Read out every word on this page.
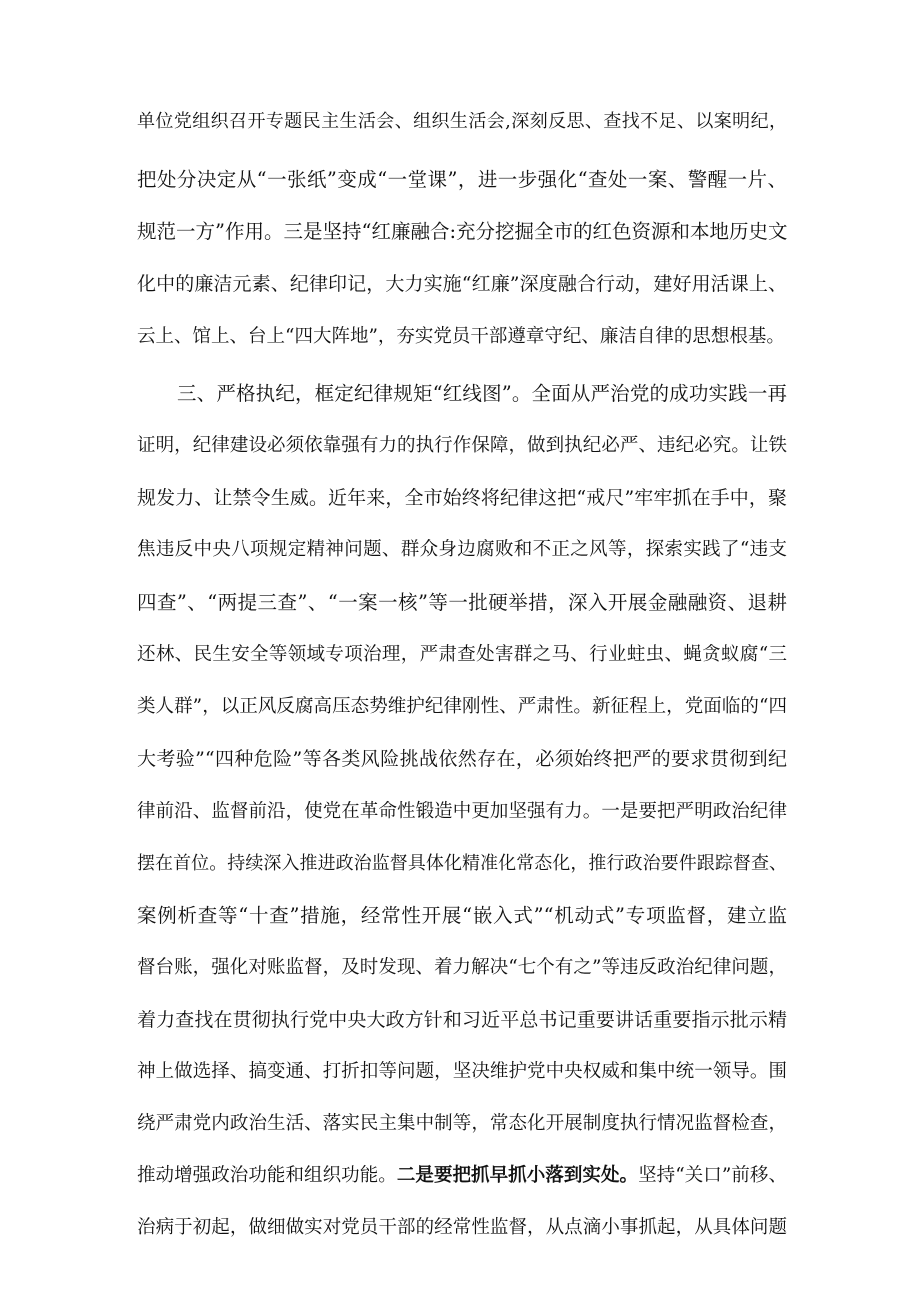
单位党组织召开专题民主生活会、组织生活会,深刻反思、查找不足、以案明纪，
把处分决定从“一张纸”变成“一堂课”，进一步强化“查处一案、警醒一片、
规范一方”作用。三是坚持“红廉融合:充分挖掘全市的红色资源和本地历史文
化中的廉洁元素、纪律印记，大力实施“红廉”深度融合行动，建好用活课上、
云上、馆上、台上“四大阵地”，夯实党员干部遵章守纪、廉洁自律的思想根基。
三、严格执纪，框定纪律规矩“红线图”。全面从严治党的成功实践一再
证明，纪律建设必须依靠强有力的执行作保障，做到执纪必严、违纪必究。让铁
规发力、让禁令生威。近年来，全市始终将纪律这把“戒尺”牢牢抓在手中，聚
焦违反中央八项规定精神问题、群众身边腐败和不正之风等，探索实践了“违支
四查”、“两提三查”、“一案一核”等一批硬举措，深入开展金融融资、退耕
还林、民生安全等领域专项治理，严肃查处害群之马、行业蛀虫、蝇贪蚁腐“三
类人群”，以正风反腐高压态势维护纪律刚性、严肃性。新征程上，党面临的“四
大考验”“四种危险”等各类风险挑战依然存在，必须始终把严的要求贯彻到纪
律前沿、监督前沿，使党在革命性锻造中更加坚强有力。一是要把严明政治纪律
摆在首位。持续深入推进政治监督具体化精准化常态化，推行政治要件跟踪督查、
案例析查等“十查”措施，经常性开展“嵌入式”“机动式”专项监督，建立监
督台账，强化对账监督，及时发现、着力解决“七个有之”等违反政治纪律问题，
着力查找在贯彻执行党中央大政方针和习近平总书记重要讲话重要指示批示精
神上做选择、搞变通、打折扣等问题，坚决维护党中央权威和集中统一领导。围
绕严肃党内政治生活、落实民主集中制等，常态化开展制度执行情况监督检查，
推动增强政治功能和组织功能。二是要把抓早抓小落到实处。坚持“关口”前移、
治病于初起，做细做实对党员干部的经常性监督，从点滴小事抓起，从具体问题
